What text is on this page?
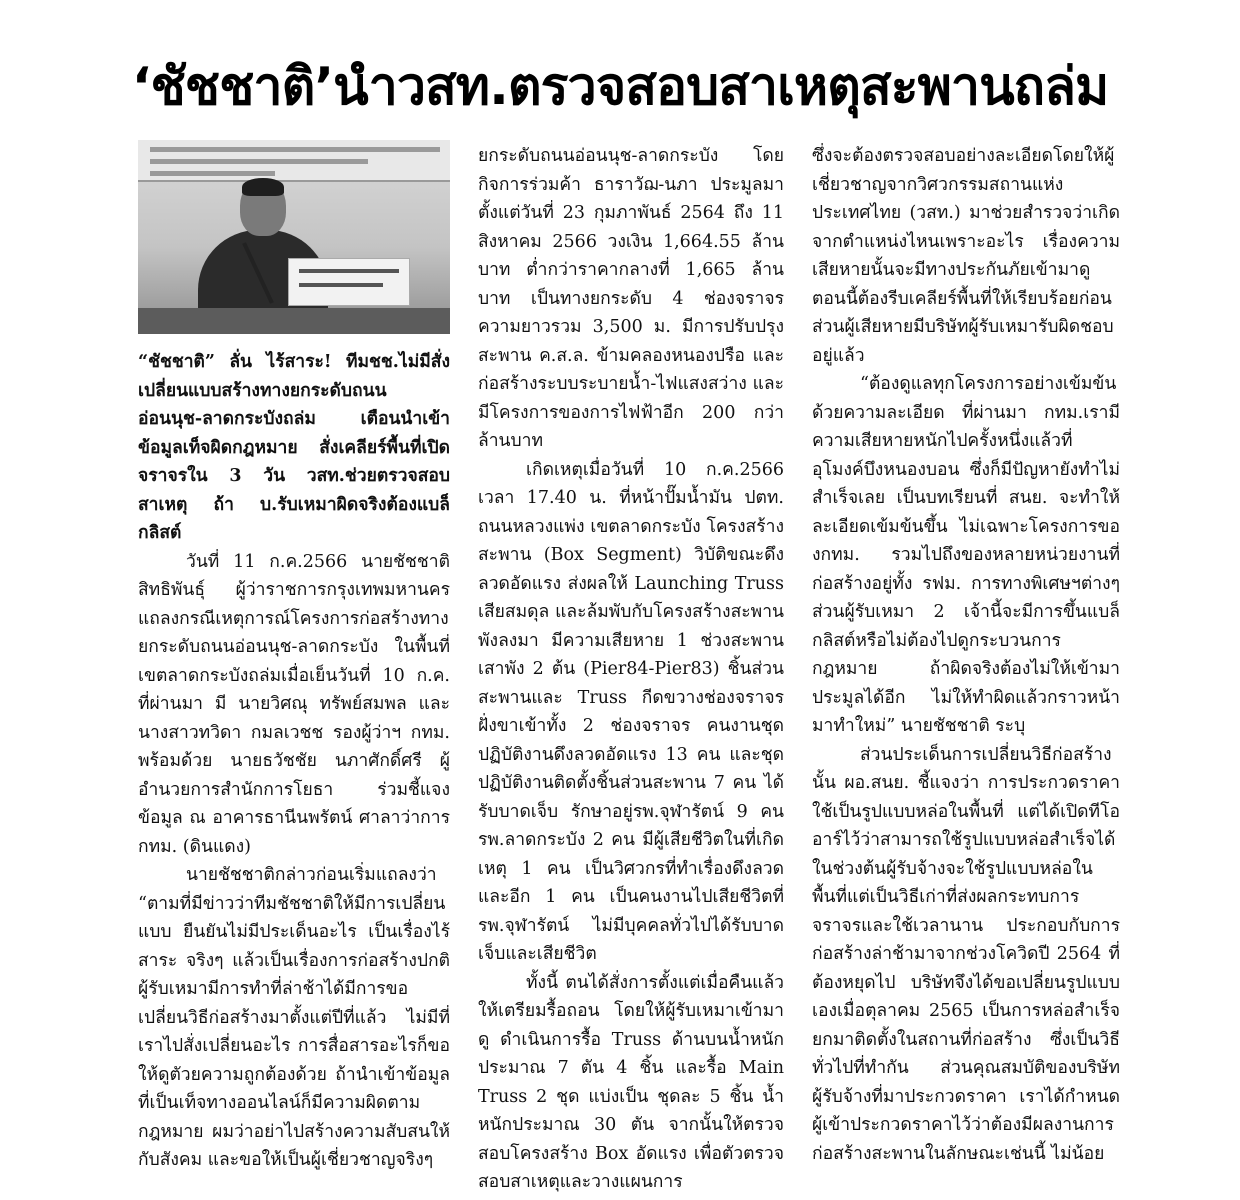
‘ชัชชาติ’นำวสท.ตรวจสอบสาเหตุสะพานถล่ม

“ชัชชาติ” ลั่น ไร้สาระ! ทีมชช.ไม่มีสั่งเปลี่ยนแบบสร้างทางยกระดับถนนอ่อนนุช-ลาดกระบังถล่ม เตือนนำเข้าข้อมูลเท็จผิดกฎหมาย สั่งเคลียร์พื้นที่เปิดจราจรใน 3 วัน วสท.ช่วยตรวจสอบสาเหตุ ถ้า บ.รับเหมาผิดจริงต้องแบล็กลิสต์

วันที่ 11 ก.ค.2566 นายชัชชาติ สิทธิพันธุ์ ผู้ว่าราชการกรุงเทพมหานคร แถลงกรณีเหตุการณ์โครงการก่อสร้างทางยกระดับถนนอ่อนนุช-ลาดกระบัง ในพื้นที่เขตลาดกระบังถล่มเมื่อเย็นวันที่ 10 ก.ค. ที่ผ่านมา มี นายวิศณุ ทรัพย์สมพล และนางสาวทวิดา กมลเวชช รองผู้ว่าฯ กทม. พร้อมด้วย นายธวัชชัย นภาศักดิ์ศรี ผู้อำนวยการสำนักการโยธา ร่วมชี้แจงข้อมูล ณ อาคารธานีนพรัตน์ ศาลาว่าการ กทม. (ดินแดง)

นายชัชชาติกล่าวก่อนเริ่มแถลงว่า “ตามที่มีข่าวว่าทีมชัชชาติให้มีการเปลี่ยนแบบ ยืนยันไม่มีประเด็นอะไร เป็นเรื่องไร้สาระ จริงๆ แล้วเป็นเรื่องการก่อสร้างปกติ ผู้รับเหมามีการทำที่ล่าช้าได้มีการขอเปลี่ยนวิธีก่อสร้างมาตั้งแต่ปีที่แล้ว ไม่มีที่เราไปสั่งเปลี่ยนอะไร การสื่อสารอะไรก็ขอให้ดูตัวยความถูกต้องด้วย ถ้านำเข้าข้อมูลที่เป็นเท็จทางออนไลน์ก็มีความผิดตามกฎหมาย ผมว่าอย่าไปสร้างความสับสนให้กับสังคม และขอให้เป็นผู้เชี่ยวชาญจริงๆ

ยกระดับถนนอ่อนนุช-ลาดกระบัง โดยกิจการร่วมค้า ธาราวัฌ-นภา ประมูลมาตั้งแต่วันที่ 23 กุมภาพันธ์ 2564 ถึง 11 สิงหาคม 2566 วงเงิน 1,664.55 ล้านบาท ต่ำกว่าราคากลางที่ 1,665 ล้านบาท เป็นทางยกระดับ 4 ช่องจราจร ความยาวรวม 3,500 ม. มีการปรับปรุงสะพาน ค.ส.ล. ข้ามคลองหนองปรือ และก่อสร้างระบบระบายน้ำ-ไฟแสงสว่าง และมีโครงการของการไฟฟ้าอีก 200 กว่าล้านบาท

เกิดเหตุเมื่อวันที่ 10 ก.ค.2566 เวลา 17.40 น. ที่หน้าปั๊มน้ำมัน ปตท. ถนนหลวงแพ่ง เขตลาดกระบัง โครงสร้างสะพาน (Box Segment) วิบัติขณะดึงลวดอัดแรง ส่งผลให้ Launching Truss เสียสมดุล และล้มพับกับโครงสร้างสะพานพังลงมา มีความเสียหาย 1 ช่วงสะพาน เสาพัง 2 ต้น (Pier84-Pier83) ชิ้นส่วนสะพานและ Truss กีดขวางช่องจราจรฝั่งขาเข้าทั้ง 2 ช่องจราจร คนงานชุดปฏิบัติงานดึงลวดอัดแรง 13 คน และชุดปฏิบัติงานติดตั้งชิ้นส่วนสะพาน 7 คน ได้รับบาดเจ็บ รักษาอยู่รพ.จุฬารัตน์ 9 คน รพ.ลาดกระบัง 2 คน มีผู้เสียชีวิตในที่เกิดเหตุ 1 คน เป็นวิศวกรที่ทำเรื่องดึงลวด และอีก 1 คน เป็นคนงานไปเสียชีวิตที่ รพ.จุฬารัตน์ ไม่มีบุคคลทั่วไปได้รับบาดเจ็บและเสียชีวิต

ทั้งนี้ ตนได้สั่งการตั้งแต่เมื่อคืนแล้วให้เตรียมรื้อถอน โดยให้ผู้รับเหมาเข้ามาดู ดำเนินการรื้อ Truss ด้านบนน้ำหนักประมาณ 7 ตัน 4 ชิ้น และรื้อ Main Truss 2 ชุด แบ่งเป็น ชุดละ 5 ชิ้น น้ำหนักประมาณ 30 ตัน จากนั้นให้ตรวจสอบโครงสร้าง Box อัดแรง เพื่อตัวตรวจสอบสาเหตุและวางแผนการ

ซึ่งจะต้องตรวจสอบอย่างละเอียดโดยให้ผู้เชี่ยวชาญจากวิศวกรรมสถานแห่งประเทศไทย (วสท.) มาช่วยสำรวจว่าเกิดจากตำแหน่งไหนเพราะอะไร เรื่องความเสียหายนั้นจะมีทางประกันภัยเข้ามาดู ตอนนี้ต้องรีบเคลียร์พื้นที่ให้เรียบร้อยก่อน ส่วนผู้เสียหายมีบริษัทผู้รับเหมารับผิดชอบอยู่แล้ว

“ต้องดูแลทุกโครงการอย่างเข้มข้นด้วยความละเอียด ที่ผ่านมา กทม.เรามีความเสียหายหนักไปครั้งหนึ่งแล้วที่อุโมงค์บึงหนองบอน ซึ่งก็มีปัญหายังทำไม่สำเร็จเลย เป็นบทเรียนที่ สนย. จะทำให้ละเอียดเข้มข้นขึ้น ไม่เฉพาะโครงการของกทม. รวมไปถึงของหลายหน่วยงานที่ก่อสร้างอยู่ทั้ง รฟม. การทางพิเศษฯต่างๆ ส่วนผู้รับเหมา 2 เจ้านี้จะมีการขึ้นแบล็กลิสต์หรือไม่ต้องไปดูกระบวนการกฎหมาย ถ้าผิดจริงต้องไม่ให้เข้ามาประมูลได้อีก ไม่ให้ทำผิดแล้วกราวหน้ามาทำใหม่” นายชัชชาติ ระบุ

ส่วนประเด็นการเปลี่ยนวิธีก่อสร้างนั้น ผอ.สนย. ชี้แจงว่า การประกวดราคาใช้เป็นรูปแบบหล่อในพื้นที่ แต่ได้เปิดทีโออาร์ไว้ว่าสามารถใช้รูปแบบหล่อสำเร็จได้ ในช่วงต้นผู้รับจ้างจะใช้รูปแบบหล่อในพื้นที่แต่เป็นวิธีเก่าที่ส่งผลกระทบการจราจรและใช้เวลานาน ประกอบกับการก่อสร้างล่าช้ามาจากช่วงโควิดปี 2564 ที่ต้องหยุดไป บริษัทจึงได้ขอเปลี่ยนรูปแบบเองเมื่อตุลาคม 2565 เป็นการหล่อสำเร็จยกมาติดตั้งในสถานที่ก่อสร้าง ซึ่งเป็นวิธีทั่วไปที่ทำกัน ส่วนคุณสมบัติของบริษัทผู้รับจ้างที่มาประกวดราคา เราได้กำหนดผู้เข้าประกวดราคาไว้ว่าต้องมีผลงานการก่อสร้างสะพานในลักษณะเช่นนี้ ไม่น้อย
